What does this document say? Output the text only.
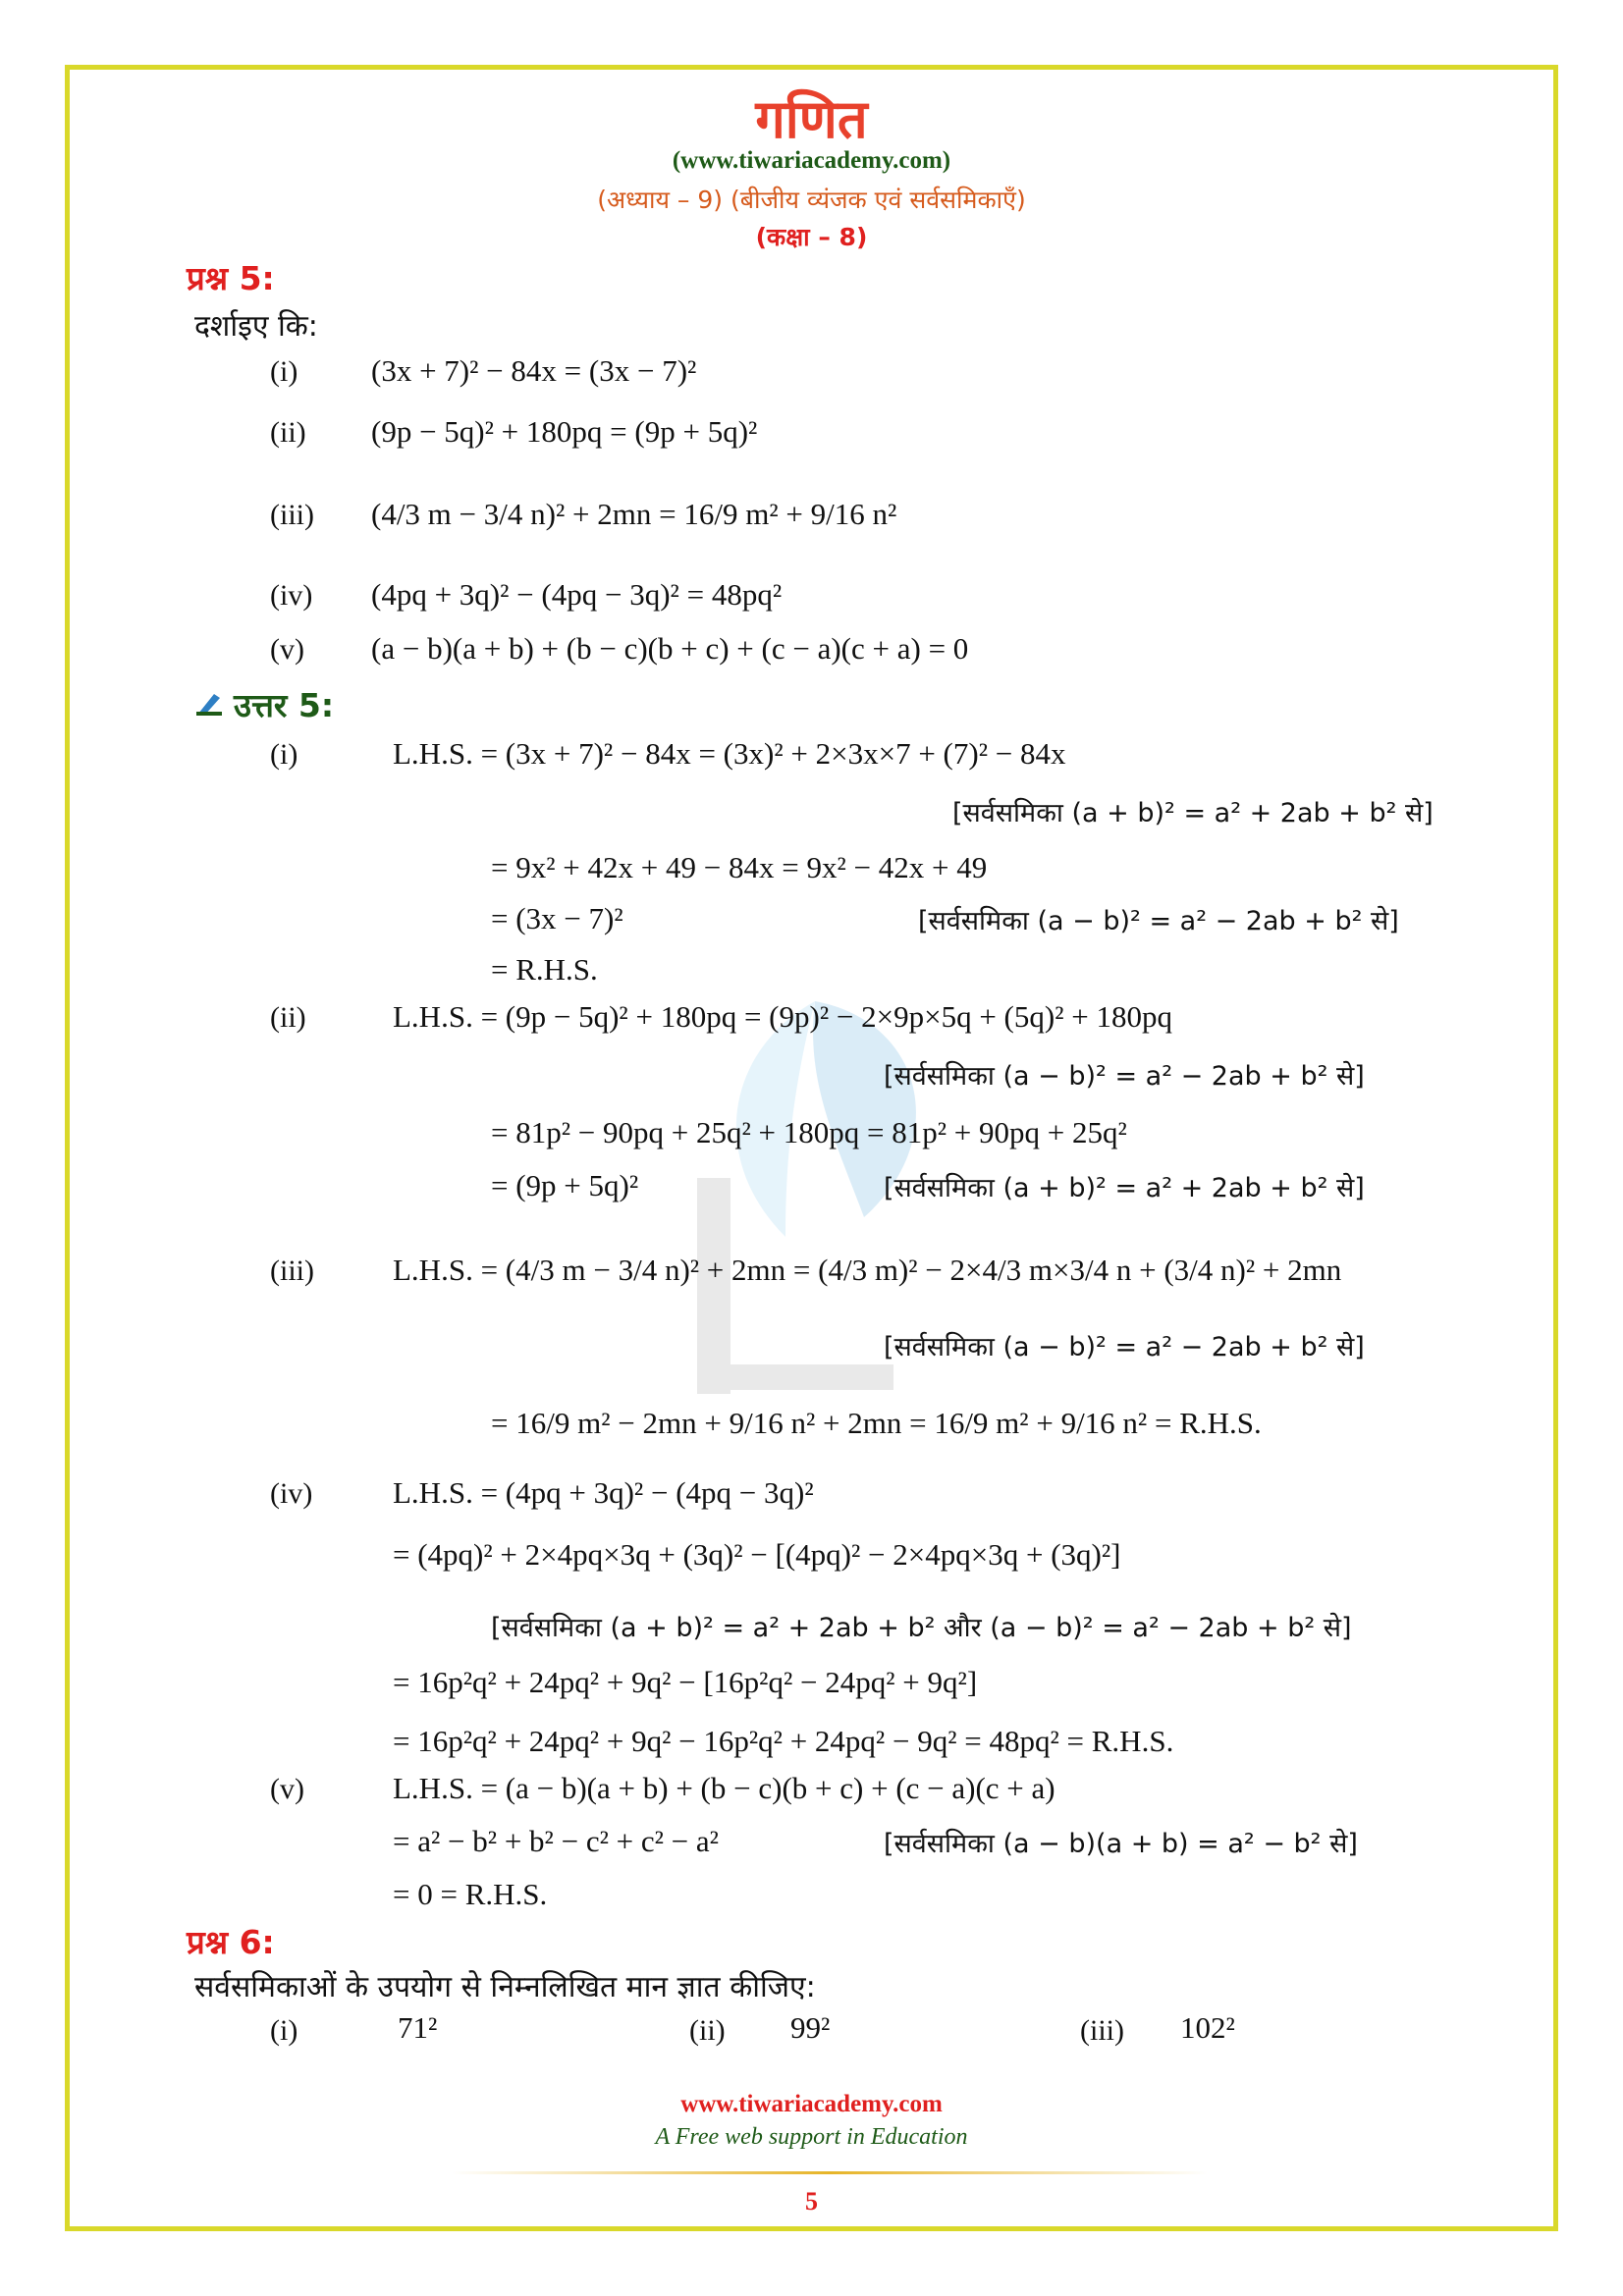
गणित
(www.tiwariacademy.com)
(अध्याय – 9) (बीजीय व्यंजक एवं सर्वसमिकाएँ)
(कक्षा – 8)
प्रश्न 5:
दर्शाइए कि:
(i) (3x + 7)² − 84x = (3x − 7)²
(ii) (9p − 5q)² + 180pq = (9p + 5q)²
(iii) (4/3 m − 3/4 n)² + 2mn = 16/9 m² + 9/16 n²
(iv) (4pq + 3q)² − (4pq − 3q)² = 48pq²
(v) (a − b)(a + b) + (b − c)(b + c) + (c − a)(c + a) = 0
उत्तर 5:
(i)	L.H.S. = (3x + 7)² − 84x = (3x)² + 2×3x×7 + (7)² − 84x
[सर्वसमिका (a + b)² = a² + 2ab + b² से]
= 9x² + 42x + 49 − 84x = 9x² − 42x + 49
= (3x − 7)²	[सर्वसमिका (a − b)² = a² − 2ab + b² से]
= R.H.S.
(ii)	L.H.S. = (9p − 5q)² + 180pq = (9p)² − 2×9p×5q + (5q)² + 180pq
[सर्वसमिका (a − b)² = a² − 2ab + b² से]
= 81p² − 90pq + 25q² + 180pq = 81p² + 90pq + 25q²
= (9p + 5q)²	[सर्वसमिका (a + b)² = a² + 2ab + b² से]
(iii)	L.H.S. = (4/3 m − 3/4 n)² + 2mn = (4/3 m)² − 2×4/3 m×3/4 n + (3/4 n)² + 2mn
[सर्वसमिका (a − b)² = a² − 2ab + b² से]
= 16/9 m² − 2mn + 9/16 n² + 2mn = 16/9 m² + 9/16 n² = R.H.S.
(iv)	L.H.S. = (4pq + 3q)² − (4pq − 3q)²
= (4pq)² + 2×4pq×3q + (3q)² − [(4pq)² − 2×4pq×3q + (3q)²]
[सर्वसमिका (a + b)² = a² + 2ab + b² और (a − b)² = a² − 2ab + b² से]
= 16p²q² + 24pq² + 9q² − [16p²q² − 24pq² + 9q²]
= 16p²q² + 24pq² + 9q² − 16p²q² + 24pq² − 9q² = 48pq² = R.H.S.
(v)	L.H.S. = (a − b)(a + b) + (b − c)(b + c) + (c − a)(c + a)
= a² − b² + b² − c² + c² − a²	[सर्वसमिका (a − b)(a + b) = a² − b² से]
= 0 = R.H.S.
प्रश्न 6:
सर्वसमिकाओं के उपयोग से निम्नलिखित मान ज्ञात कीजिए:
(i)	71²	(ii) 99²	(iii) 102²
www.tiwariacademy.com
A Free web support in Education
5
